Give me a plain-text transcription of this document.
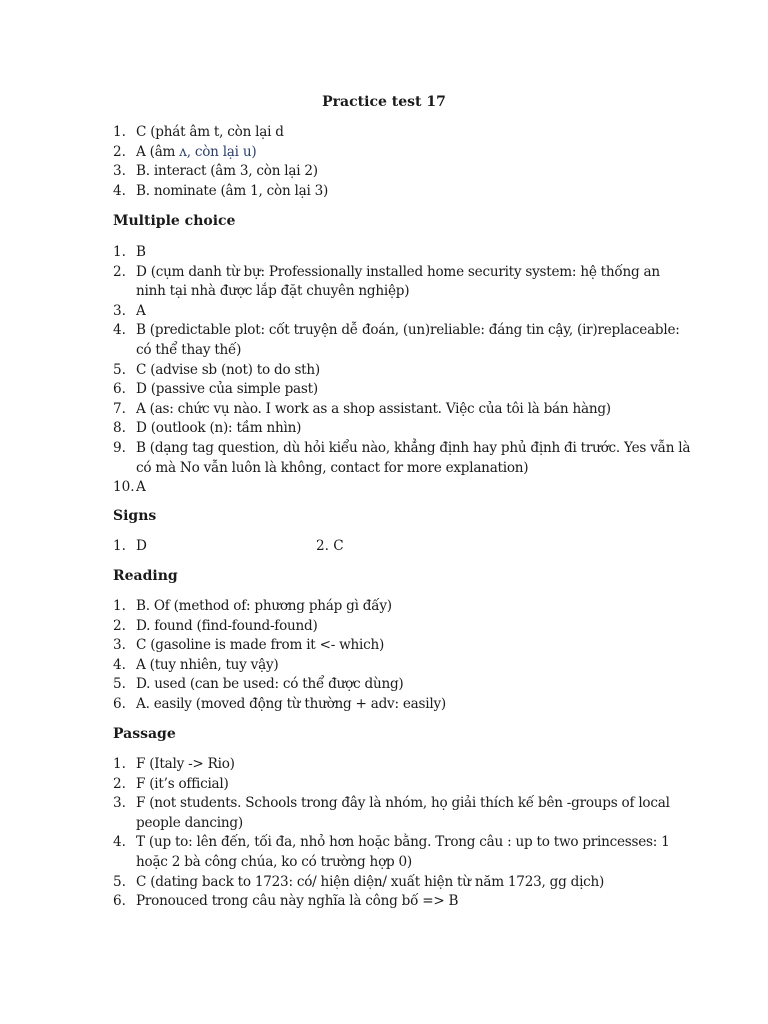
Practice test 17
1. C (phát âm t, còn lại d
2. A (âm ʌ, còn lại u)
3. B. interact (âm 3, còn lại 2)
4. B. nominate (âm 1, còn lại 3)
Multiple choice
1. B
2. D (cụm danh từ bự: Professionally installed home security system: hệ thống an ninh tại nhà được lắp đặt chuyên nghiệp)
3. A
4. B (predictable plot: cốt truyện dễ đoán, (un)reliable: đáng tin cậy, (ir)replaceable: có thể thay thế)
5. C (advise sb (not) to do sth)
6. D (passive của simple past)
7. A (as: chức vụ nào. I work as a shop assistant. Việc của tôi là bán hàng)
8. D (outlook (n): tầm nhìn)
9. B (dạng tag question, dù hỏi kiểu nào, khẳng định hay phủ định đi trước. Yes vẫn là có mà No vẫn luôn là không, contact for more explanation)
10. A
Signs
1. D	2. C
Reading
1. B. Of (method of: phương pháp gì đấy)
2. D. found (find-found-found)
3. C (gasoline is made from it <- which)
4. A (tuy nhiên, tuy vậy)
5. D. used (can be used: có thể được dùng)
6. A. easily (moved động từ thường + adv: easily)
Passage
1. F (Italy -> Rio)
2. F (it’s official)
3. F (not students. Schools trong đây là nhóm, họ giải thích kế bên -groups of local people dancing)
4. T (up to: lên đến, tối đa, nhỏ hơn hoặc bằng. Trong câu : up to two princesses: 1 hoặc 2 bà công chúa, ko có trường hợp 0)
5. C (dating back to 1723: có/ hiện diện/ xuất hiện từ năm 1723, gg dịch)
6. Pronouced trong câu này nghĩa là công bố => B
